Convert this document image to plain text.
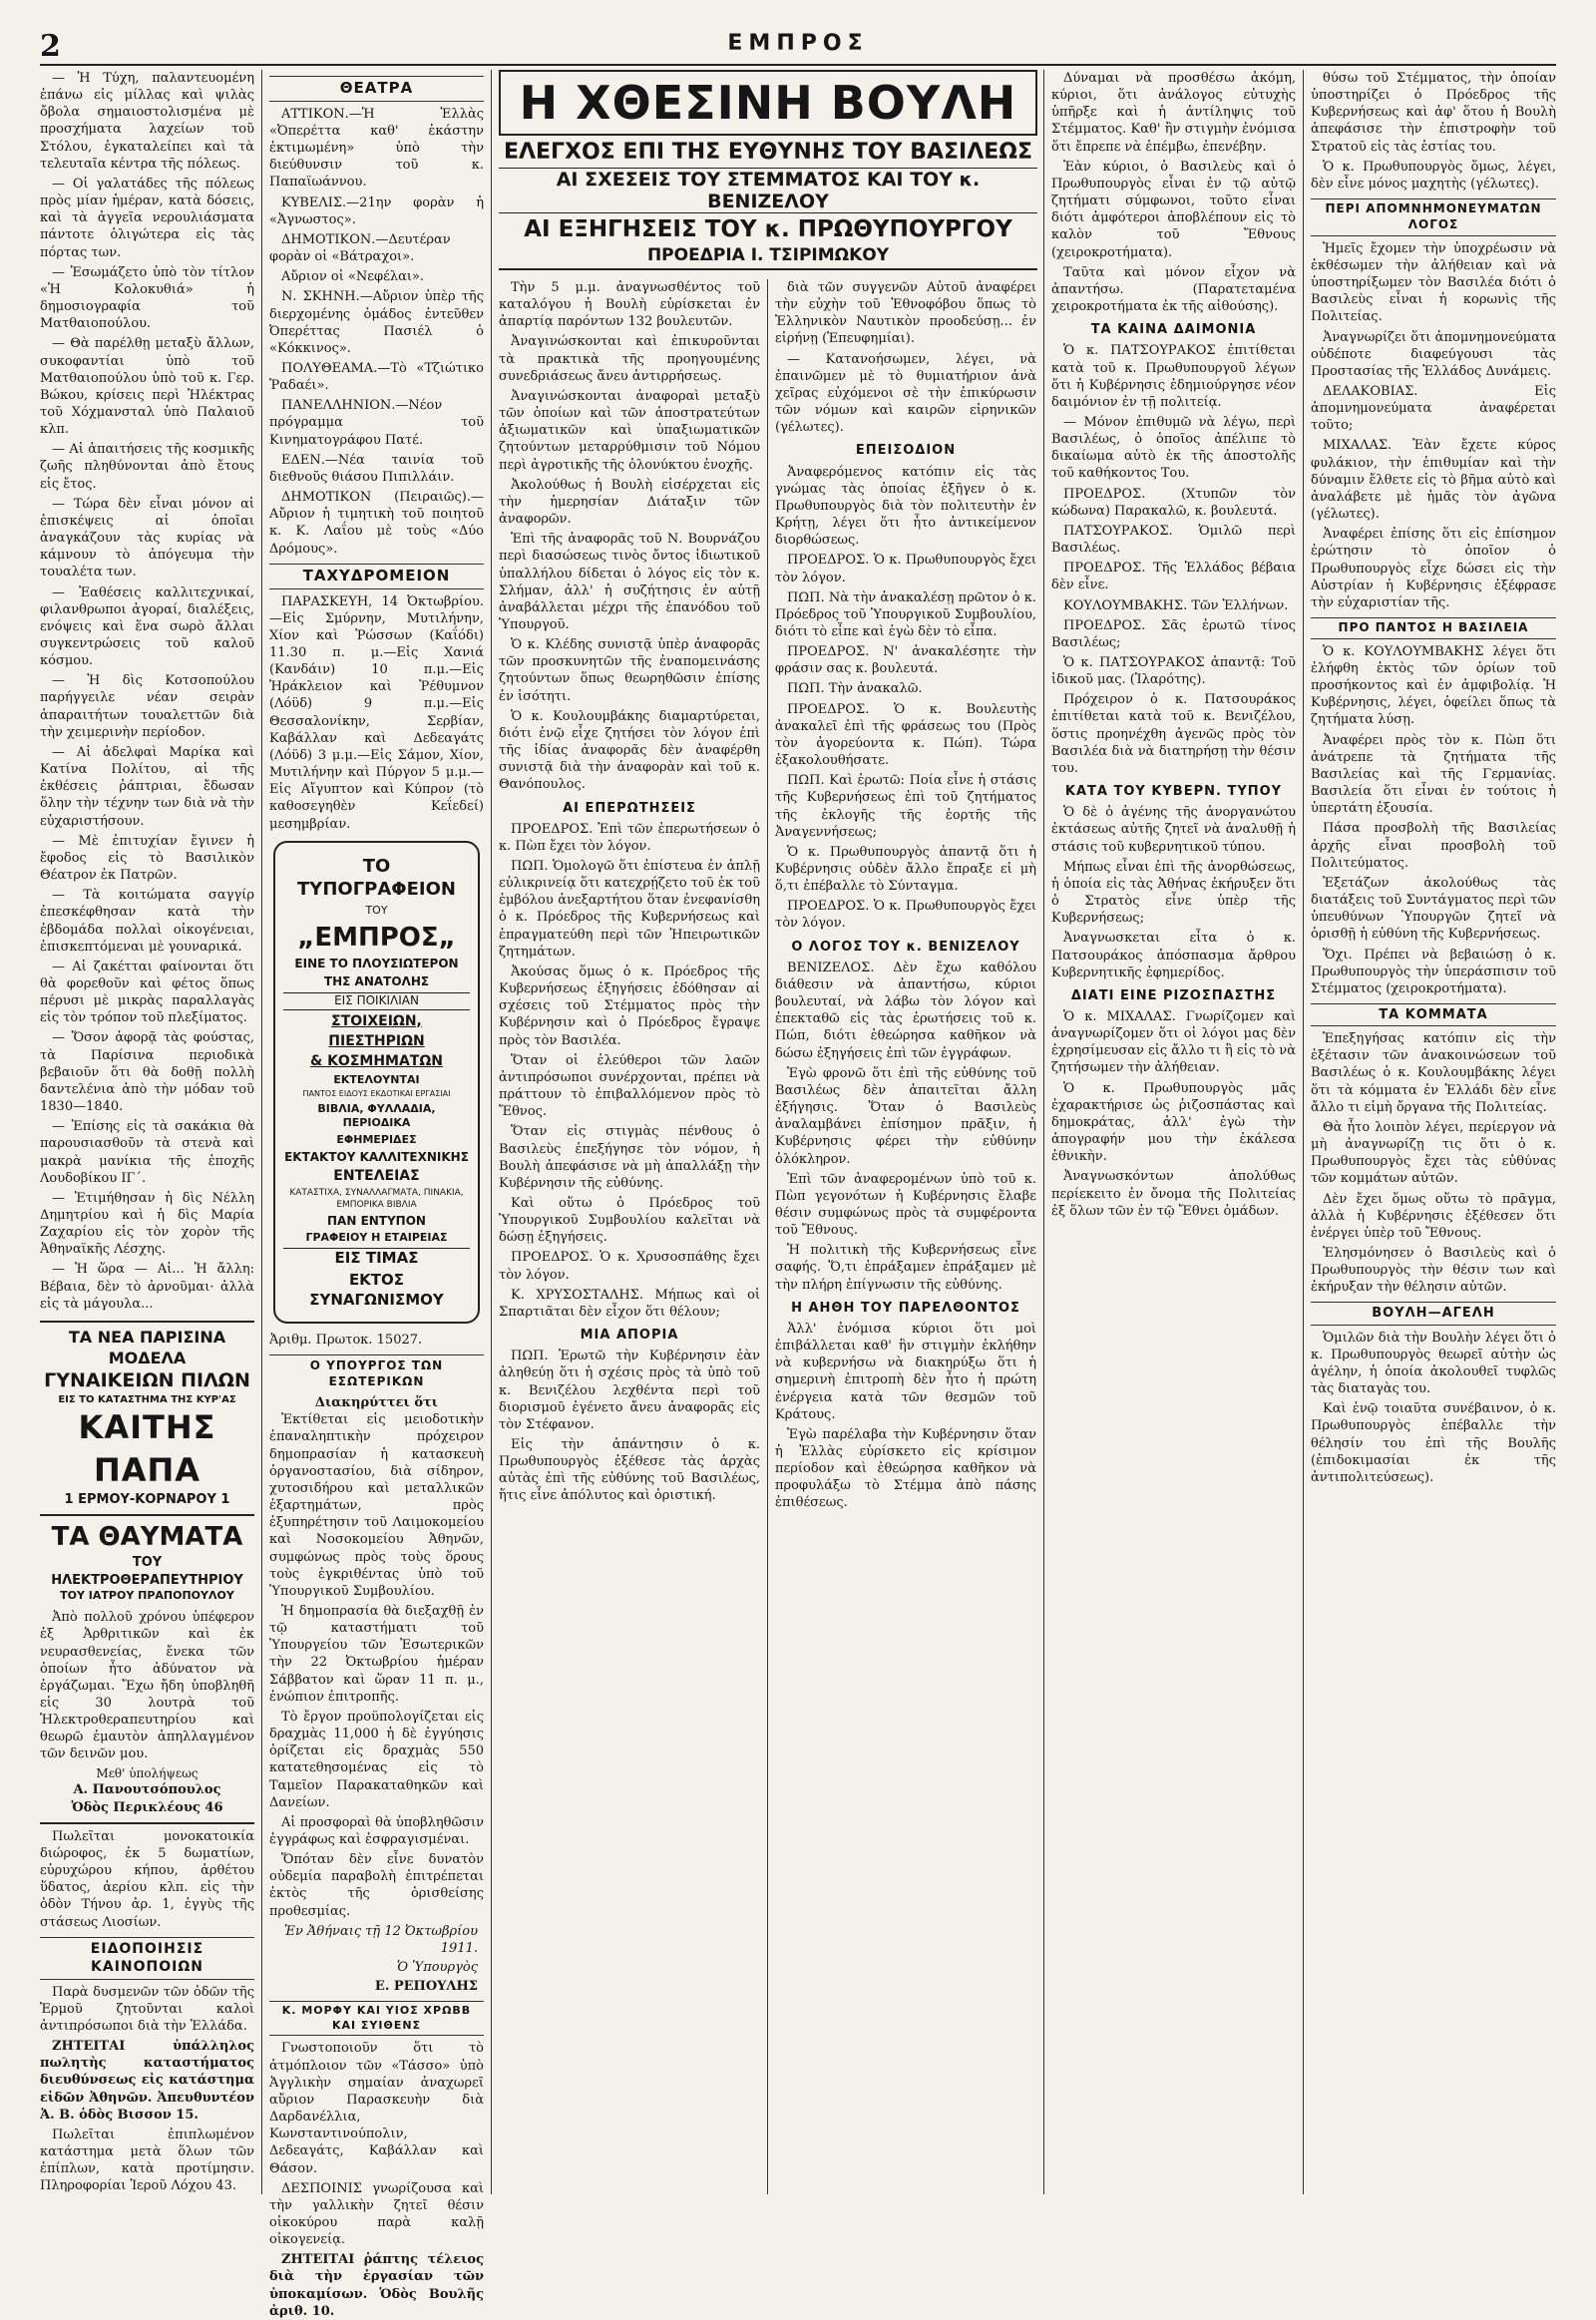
2	ΕΜΠΡΟΣ

— Ἡ Τύχη, παλαντευομένη ἐπάνω εἰς μίλλας καὶ ψιλὰς ὄβολα σημαιοστολισμένα μὲ προσχήματα λαχείων τοῦ Στόλου, ἐγκαταλείπει καὶ τὰ τελευταῖα κέντρα τῆς πόλεως.

— Οἱ γαλατάδες τῆς πόλεως πρὸς μίαν ἡμέραν, κατὰ δόσεις, καὶ τὰ ἀγγεῖα νερουλιάσματα πάντοτε ὁλιγώτερα εἰς τὰς πόρτας των.

— Ἐσωμάζετο ὑπὸ τὸν τίτλον «Ἡ Κολοκυθιά» ἡ δημοσιογραφία τοῦ Ματθαιοπούλου.

— Θὰ παρέλθῃ μεταξὺ ἄλλων, συκοφαντίαι ὑπὸ τοῦ Ματθαιοπούλου ὑπὸ τοῦ κ. Γερ. Βώκου, κρίσεις περὶ Ἠλέκτρας τοῦ Χόχμανσταλ ὑπὸ Παλαιοῦ κλπ.

— Αἱ ἀπαιτήσεις τῆς κοσμικῆς ζωῆς πληθύνονται ἀπὸ ἔτους εἰς ἔτος.

— Τώρα δὲν εἶναι μόνον αἱ ἐπισκέψεις αἱ ὁποῖαι ἀναγκάζουν τὰς κυρίας νὰ κάμνουν τὸ ἀπόγευμα τὴν τουαλέτα των.

— Ἐαθέσεις καλλιτεχνικαί, φιλανθρωποι ἀγοραί, διαλέξεις, ενόψεις καὶ ἕνα σωρὸ ἄλλαι συγκεντρώσεις τοῦ καλοῦ κόσμου.

— Ἡ δὶς Κοτσοπούλου παρήγγειλε νέαν σειρὰν ἀπαραιτήτων τουαλεττῶν διὰ τὴν χειμερινὴν περίοδον.

— Αἱ ἀδελφαὶ Μαρίκα καὶ Κατίνα Πολίτου, αἱ τῆς ἐκθέσεις ῥάπτριαι, ἔδωσαν ὅλην τὴν τέχνην των διὰ νὰ τὴν εὐχαριστήσουν.

— Μὲ ἐπιτυχίαν ἔγινεν ἡ ἔφοδος εἰς τὸ Βασιλικὸν Θέατρον ἐκ Πατρῶν.

— Τὰ κοιτώματα σαγγίρ ἐπεσκέφθησαν κατὰ τὴν ἐβδομάδα πολλαὶ οἰκογένειαι, ἐπισκεπτόμεναι μὲ γουναρικά.

— Αἱ ζακέτται φαίνονται ὅτι θὰ φορεθοῦν καὶ φέτος ὅπως πέρυσι μὲ μικρὰς παραλλαγὰς εἰς τὸν τρόπον τοῦ πλεξίματος.

— Ὅσον ἀφορᾷ τὰς φούστας, τὰ Παρίσινα περιοδικὰ βεβαιοῦν ὅτι θὰ δοθῇ πολλὴ δαντελένια ἀπὸ τὴν μόδαν τοῦ 1830—1840.

— Ἐπίσης εἰς τὰ σακάκια θὰ παρουσιασθοῦν τὰ στενὰ καὶ μακρὰ μανίκια τῆς ἐποχῆς Λουδοβίκου ΙΓ΄.

— Ἐτιμήθησαν ἡ δὶς Νέλλη Δημητρίου καὶ ἡ δὶς Μαρία Ζαχαρίου εἰς τὸν χορὸν τῆς Ἀθηναϊκῆς Λέσχης.

— Ἡ ὥρα — Αἰ... Ἡ ἄλλη: Βέβαια, δὲν τὸ ἀρνοῦμαι· ἀλλὰ εἰς τὰ μάγουλα...

ΤΑ ΝΕΑ ΠΑΡΙΣΙΝΑ ΜΟΔΕΛΑ
ΓΥΝΑΙΚΕΙΩΝ ΠΙΛΩΝ
ΕΙΣ ΤΟ ΚΑΤΑΣΤΗΜΑ ΤΗΣ ΚΥΡ'ΑΣ
ΚΑΙΤΗΣ ΠΑΠΑ
1 ΕΡΜΟΥ-ΚΟΡΝΑΡΟΥ 1
ΤΑ ΘΑΥΜΑΤΑ
ΤΟΥ ΗΛΕΚΤΡΟΘΕΡΑΠΕΥΤΗΡΙΟΥ
ΤΟΥ ΙΑΤΡΟΥ ΠΡΑΠΟΠΟΥΛΟΥ

Ἀπὸ πολλοῦ χρόνου ὑπέφερον ἐξ Ἀρθριτικῶν καὶ ἐκ νευρασθενείας, ἔνεκα τῶν ὁποίων ἦτο ἀδύνατον νὰ ἐργάζωμαι. Ἔχω ἤδη ὑποβληθῆ εἰς 30 λουτρὰ τοῦ Ἠλεκτροθεραπευτηρίου καὶ θεωρῶ ἐμαυτὸν ἀπηλλαγμένον τῶν δεινῶν μου.

Μεθ' ὑπολήψεως
Α. Πανουτσόπουλος
Ὁδὸς Περικλέους 46

Πωλεῖται μονοκατοικία διώροφος, ἐκ 5 δωματίων, εὐρυχώρου κήπου, ἀρθέτου ὕδατος, ἀερίου κλπ. εἰς τὴν ὁδὸν Τήνου ἀρ. 1, ἐγγὺς τῆς στάσεως Λιοσίων.

ΕΙΔΟΠΟΙΗΣΙΣ ΚΑΙΝΟΠΟΙΩΝ

Παρὰ δυσμενῶν τῶν ὁδῶν τῆς Ἑρμοῦ ζητοῦνται καλοὶ ἀντιπρόσωποι διὰ τὴν Ἑλλάδα.

ΖΗΤΕΙΤΑΙ ὑπάλληλος πωλητὴς καταστήματος διευθύνσεως εἰς κατάστημα εἰδῶν Ἀθηνῶν. Ἀπευθυντέον Ἀ. Β. ὁδὸς Βισσον 15.

Πωλεῖται ἐπιπλωμένον κατάστημα μετὰ ὅλων τῶν ἐπίπλων, κατὰ προτίμησιν. Πληροφορίαι Ἱεροῦ Λόχου 43.

ΘΕΑΤΡΑ

ΑΤΤΙΚΟΝ.—Ἡ Ἑλλὰς «Ὀπερέττα καθ' ἑκάστην ἐκτιμωμένη» ὑπὸ τὴν διεύθυνσιν τοῦ κ. Παπαϊωάννου.

ΚΥΒΕΛΙΣ.—21ην φορὰν ἡ «Ἀγνωστος».

ΔΗΜΟΤΙΚΟΝ.—Δευτέραν φορὰν οἱ «Βάτραχοι».

Αὔριον οἱ «Νεφέλαι».

Ν. ΣΚΗΝΗ.—Αὔριον ὑπὲρ τῆς διερχομένης ὁμάδος ἐντεῦθεν Ὀπερέττας Πασιέλ ὁ «Κόκκινος».

ΠΟΛΥΘΕΑΜΑ.—Τὸ «Τζιώτικο Ῥαδαέι».

ΠΑΝΕΛΛΗΝΙΟΝ.—Νέον πρόγραμμα τοῦ Κινηματογράφου Πατέ.

ΕΔΕΝ.—Νέα ταινία τοῦ διεθνοῦς θιάσου Πιπιλλάιν.

ΔΗΜΟΤΙΚΟΝ (Πειραιῶς).—Αὔριον ἡ τιμητικὴ τοῦ ποιητοῦ κ. Κ. Λαΐου μὲ τοὺς «Δύο Δρόμους».

ΤΑΧΥΔΡΟΜΕΙΟΝ

ΠΑΡΑΣΚΕΥΗ, 14 Ὀκτωβρίου.—Εἰς Σμύρνην, Μυτιλήνην, Χίον καὶ Ῥώσσων (Καΐόδι) 11.30 π. μ.—Εἰς Χανιά (Κανδάιν) 10 π.μ.—Εἰς Ἡράκλειον καὶ Ῥέθυμνον (Λόϋδ) 9 π.μ.—Εἰς Θεσσαλονίκην, Σερβίαν, Καβάλλαν καὶ Δεδεαγάτς (Λόϋδ) 3 μ.μ.—Εἰς Σάμον, Χίον, Μυτιλήνην καὶ Πύργον 5 μ.μ.—Εἰς Αἴγυπτον καὶ Κύπρον (τὸ καθοσεγηθὲν Κεΐεδεί) μεσημβρίαν.

ΤΟ ΤΥΠΟΓΡΑΦΕΙΟΝ
ΤΟΥ
„ΕΜΠΡΟΣ„
ΕΙΝΕ ΤΟ ΠΛΟΥΣΙΩΤΕΡΟΝ
ΤΗΣ ΑΝΑΤΟΛΗΣ
ΕΙΣ ΠΟΙΚΙΛΙΑΝ
ΣΤΟΙΧΕΙΩΝ,
ΠΙΕΣΤΗΡΙΩΝ
& ΚΟΣΜΗΜΑΤΩΝ
ΕΚΤΕΛΟΥΝΤΑΙ
ΠΑΝΤΟΣ ΕΙΔΟΥΣ ΕΚΔΟΤΙΚΑΙ ΕΡΓΑΣΙΑΙ
ΒΙΒΛΙΑ, ΦΥΛΛΑΔΙΑ, ΠΕΡΙΟΔΙΚΑ
ΕΦΗΜΕΡΙΔΕΣ
ΕΚΤΑΚΤΟΥ ΚΑΛΛΙΤΕΧΝΙΚΗΣ
ΕΝΤΕΛΕΙΑΣ
ΚΑΤΑΣΤΙΧΑ, ΣΥΝΑΛΛΑΓΜΑΤΑ, ΠΙΝΑΚΙΑ, ΕΜΠΟΡΙΚΑ ΒΙΒΛΙΑ
ΠΑΝ ΕΝΤΥΠΟΝ
ΓΡΑΦΕΙΟΥ Η ΕΤΑΙΡΕΙΑΣ
ΕΙΣ ΤΙΜΑΣ
ΕΚΤΟΣ ΣΥΝΑΓΩΝΙΣΜΟΥ

Ἀριθμ. Πρωτοκ. 15027.

Ο ΥΠΟΥΡΓΟΣ ΤΩΝ ΕΣΩΤΕΡΙΚΩΝ
Διακηρύττει ὅτι

Ἐκτίθεται εἰς μειοδοτικὴν ἐπαναληπτικὴν πρόχειρον δημοπρασίαν ἡ κατασκευὴ ὀργανοστασίου, διὰ σίδηρον, χυτοσιδήρου καὶ μεταλλικῶν ἐξαρτημάτων, πρὸς ἐξυπηρέτησιν τοῦ Λαιμοκομείου καὶ Νοσοκομείου Ἀθηνῶν, συμφώνως πρὸς τοὺς ὅρους τοὺς ἐγκριθέντας ὑπὸ τοῦ Ὑπουργικοῦ Συμβουλίου.

Ἡ δημοπρασία θὰ διεξαχθῇ ἐν τῷ καταστήματι τοῦ Ὑπουργείου τῶν Ἐσωτερικῶν τὴν 22 Ὀκτωβρίου ἡμέραν Σάββατον καὶ ὥραν 11 π. μ., ἐνώπιον ἐπιτροπῆς.

Τὸ ἔργον προϋπολογίζεται εἰς δραχμὰς 11,000 ἡ δὲ ἐγγύησις ὁρίζεται εἰς δραχμὰς 550 κατατεθησομένας εἰς τὸ Ταμεῖον Παρακαταθηκῶν καὶ Δανείων.

Αἱ προσφοραὶ θὰ ὑποβληθῶσιν ἐγγράφως καὶ ἐσφραγισμέναι.

Ὅπόταν δὲν εἶνε δυνατὸν οὐδεμία παραβολὴ ἐπιτρέπεται ἐκτὸς τῆς ὁρισθείσης προθεσμίας.

Ἐν Ἀθήναις τῇ 12 Ὀκτωβρίου 1911.
Ὁ Ὑπουργὸς
Ε. ΡΕΠΟΥΛΗΣ
Κ. ΜΟΡΦΥ ΚΑΙ ΥΙΟΣ ΧΡΩΒΒ ΚΑΙ ΣΥΙΘΕΝΣ

Γνωστοποιοῦν ὅτι τὸ ἀτμόπλοιον τῶν «Τάσσο» ὑπὸ Ἀγγλικὴν σημαίαν ἀναχωρεῖ αὔριον Παρασκευὴν διὰ Δαρδανέλλια, Κωνσταντινούπολιν, Δεδεαγάτς, Καβάλλαν καὶ Θάσον.

ΔΕΣΠΟΙΝΙΣ γνωρίζουσα καὶ τὴν γαλλικὴν ζητεῖ θέσιν οἰκοκύρου παρὰ καλῇ οἰκογενείᾳ.

ΖΗΤΕΙΤΑΙ ῥάπτης τέλειος διὰ τὴν ἐργασίαν τῶν ὑποκαμίσων. Ὁδὸς Βουλῆς ἀριθ. 10.

Η ΧΘΕΣΙΝΗ ΒΟΥΛΗ
ΕΛΕΓΧΟΣ ΕΠΙ ΤΗΣ ΕΥΘΥΝΗΣ ΤΟΥ ΒΑΣΙΛΕΩΣ
ΑΙ ΣΧΕΣΕΙΣ ΤΟΥ ΣΤΕΜΜΑΤΟΣ ΚΑΙ ΤΟΥ κ. ΒΕΝΙΖΕΛΟΥ
ΑΙ ΕΞΗΓΗΣΕΙΣ ΤΟΥ κ. ΠΡΩΘΥΠΟΥΡΓΟΥ
ΠΡΟΕΔΡΙΑ Ι. ΤΣΙΡΙΜΩΚΟΥ

Τὴν 5 μ.μ. ἀναγνωσθέντος τοῦ καταλόγου ἡ Βουλὴ εὑρίσκεται ἐν ἀπαρτίᾳ παρόντων 132 βουλευτῶν.

Ἀναγινώσκονται καὶ ἐπικυροῦνται τὰ πρακτικὰ τῆς προηγουμένης συνεδριάσεως ἄνευ ἀντιρρήσεως.

Ἀναγινώσκονται ἀναφοραὶ μεταξὺ τῶν ὁποίων καὶ τῶν ἀποστρατεύτων ἀξιωματικῶν καὶ ὑπαξιωματικῶν ζητούντων μεταρρύθμισιν τοῦ Νόμου περὶ ἀγροτικῆς τῆς ὁλονύκτου ἐνοχῆς.

Ἀκολούθως ἡ Βουλὴ εἰσέρχεται εἰς τὴν ἡμερησίαν Διάταξιν τῶν ἀναφορῶν.

Ἐπὶ τῆς ἀναφορᾶς τοῦ Ν. Βουρνάζου περὶ διασώσεως τινὸς ὄντος ἰδιωτικοῦ ὑπαλλήλου δίδεται ὁ λόγος εἰς τὸν κ. Σλήμαν, ἀλλ' ἡ συζήτησις ἐν αὐτῇ ἀναβάλλεται μέχρι τῆς ἐπανόδου τοῦ Ὑπουργοῦ.

Ὁ κ. Κλέδης συνιστᾷ ὑπὲρ ἀναφορᾶς τῶν προσκυνητῶν τῆς ἐναπομεινάσης ζητούντων ὅπως θεωρηθῶσιν ἐπίσης ἐν ἰσότητι.

Ὁ κ. Κουλουμβάκης διαμαρτύρεται, διότι ἐνῷ εἶχε ζητήσει τὸν λόγον ἐπὶ τῆς ἰδίας ἀναφορᾶς δὲν ἀναφέρθη συνιστᾷ διὰ τὴν ἀναφορὰν καὶ τοῦ κ. Θανόπουλος.

ΑΙ ΕΠΕΡΩΤΗΣΕΙΣ

ΠΡΟΕΔΡΟΣ. Ἐπὶ τῶν ἐπερωτήσεων ὁ κ. Πὼπ ἔχει τὸν λόγον.

ΠΩΠ. Ὁμολογῶ ὅτι ἐπίστευα ἐν ἀπλῇ εὐλικρινείᾳ ὅτι κατεχρῄζετο τοῦ ἐκ τοῦ ἐμβόλου ἀνεξαρτήτου ὅταν ἐνεφανίσθη ὁ κ. Πρόεδρος τῆς Κυβερνήσεως καὶ ἐπραγματεύθη περὶ τῶν Ἠπειρωτικῶν ζητημάτων.

Ἀκούσας ὅμως ὁ κ. Πρόεδρος τῆς Κυβερνήσεως ἐξηγήσεις ἐδόθησαν αἱ σχέσεις τοῦ Στέμματος πρὸς τὴν Κυβέρνησιν καὶ ὁ Πρόεδρος ἔγραψε πρὸς τὸν Βασιλέα.

Ὅταν οἱ ἐλεύθεροι τῶν λαῶν ἀντιπρόσωποι συνέρχονται, πρέπει νὰ πράττουν τὸ ἐπιβαλλόμενον πρὸς τὸ Ἔθνος.

Ὅταν εἰς στιγμὰς πένθους ὁ Βασιλεὺς ἐπεξήγησε τὸν νόμον, ἡ Βουλὴ ἀπεφάσισε νὰ μὴ ἀπαλλάξῃ τὴν Κυβέρνησιν τῆς εὐθύνης.

Καὶ οὕτω ὁ Πρόεδρος τοῦ Ὑπουργικοῦ Συμβουλίου καλεῖται νὰ δώσῃ ἐξηγήσεις.

ΠΡΟΕΔΡΟΣ. Ὁ κ. Χρυσοσπάθης ἔχει τὸν λόγον.

Κ. ΧΡΥΣΟΣΤΑΛΗΣ. Μήπως καὶ οἱ Σπαρτιᾶται δὲν εἶχον ὅτι θέλουν;

ΜΙΑ ΑΠΟΡΙΑ

ΠΩΠ. Ἐρωτῶ τὴν Κυβέρνησιν ἐὰν ἀληθεύῃ ὅτι ἡ σχέσις πρὸς τὰ ὑπὸ τοῦ κ. Βενιζέλου λεχθέντα περὶ τοῦ διορισμοῦ ἐγένετο ἄνευ ἀναφορᾶς εἰς τὸν Στέφανον.

Εἰς τὴν ἀπάντησιν ὁ κ. Πρωθυπουργὸς ἐξέθεσε τὰς ἀρχὰς αὐτὰς ἐπὶ τῆς εὐθύνης τοῦ Βασιλέως, ἥτις εἶνε ἀπόλυτος καὶ ὁριστική.

διὰ τῶν συγγενῶν Αὐτοῦ ἀναφέρει τὴν εὐχὴν τοῦ Ἐθνοφόβου ὅπως τὸ Ἑλληνικὸν Ναυτικὸν προοδεύσῃ... ἐν εἰρήνῃ (Ἐπευφημίαι).

— Κατανοήσωμεν, λέγει, νὰ ἐπαινῶμεν μὲ τὸ θυμιατήριον ἀνὰ χεῖρας εὐχόμενοι σὲ τὴν ἐπικύρωσιν τῶν νόμων καὶ καιρῶν εἰρηνικῶν (γέλωτες).

ΕΠΕΙΣΟΔΙΟΝ

Ἀναφερόμενος κατόπιν εἰς τὰς γνώμας τὰς ὁποίας ἐξῆγεν ὁ κ. Πρωθυπουργὸς διὰ τὸν πολιτευτὴν ἐν Κρήτῃ, λέγει ὅτι ἦτο ἀντικείμενον διορθώσεως.

ΠΡΟΕΔΡΟΣ. Ὁ κ. Πρωθυπουργὸς ἔχει τὸν λόγον.

ΠΩΠ. Νὰ τὴν ἀνακαλέσῃ πρῶτον ὁ κ. Πρόεδρος τοῦ Ὑπουργικοῦ Συμβουλίου, διότι τὸ εἶπε καὶ ἐγὼ δὲν τὸ εἶπα.

ΠΡΟΕΔΡΟΣ. Ν' ἀνακαλέσητε τὴν φράσιν σας κ. βουλευτά.

ΠΩΠ. Τὴν ἀνακαλῶ.

ΠΡΟΕΔΡΟΣ. Ὁ κ. Βουλευτὴς ἀνακαλεῖ ἐπὶ τῆς φράσεως του (Πρὸς τὸν ἀγορεύοντα κ. Πώπ). Τώρα ἐξακολουθήσατε.

ΠΩΠ. Καὶ ἐρωτῶ: Ποία εἶνε ἡ στάσις τῆς Κυβερνήσεως ἐπὶ τοῦ ζητήματος τῆς ἐκλογῆς τῆς ἑορτῆς τῆς Ἀναγεννήσεως;

Ὁ κ. Πρωθυπουργὸς ἀπαντᾷ ὅτι ἡ Κυβέρνησις οὐδὲν ἄλλο ἔπραξε εἰ μὴ ὅ,τι ἐπέβαλλε τὸ Σύνταγμα.

ΠΡΟΕΔΡΟΣ. Ὁ κ. Πρωθυπουργὸς ἔχει τὸν λόγον.

Ο ΛΟΓΟΣ ΤΟΥ κ. ΒΕΝΙΖΕΛΟΥ

ΒΕΝΙΖΕΛΟΣ. Δὲν ἔχω καθόλου διάθεσιν νὰ ἀπαντήσω, κύριοι βουλευταί, νὰ λάβω τὸν λόγον καὶ ἐπεκταθῶ εἰς τὰς ἐρωτήσεις τοῦ κ. Πώπ, διότι ἐθεώρησα καθῆκον νὰ δώσω ἐξηγήσεις ἐπὶ τῶν ἐγγράφων.

Ἐγὼ φρονῶ ὅτι ἐπὶ τῆς εὐθύνης τοῦ Βασιλέως δὲν ἀπαιτεῖται ἄλλη ἐξήγησις. Ὅταν ὁ Βασιλεὺς ἀναλαμβάνει ἐπίσημον πρᾶξιν, ἡ Κυβέρνησις φέρει τὴν εὐθύνην ὁλόκληρον.

Ἐπὶ τῶν ἀναφερομένων ὑπὸ τοῦ κ. Πὼπ γεγονότων ἡ Κυβέρνησις ἔλαβε θέσιν συμφώνως πρὸς τὰ συμφέροντα τοῦ Ἔθνους.

Ἡ πολιτικὴ τῆς Κυβερνήσεως εἶνε σαφής. Ὅ,τι ἐπράξαμεν ἐπράξαμεν μὲ τὴν πλήρη ἐπίγνωσιν τῆς εὐθύνης.

Η ΑΗΘΗ ΤΟΥ ΠΑΡΕΛΘΟΝΤΟΣ

Ἀλλ' ἐνόμισα κύριοι ὅτι μοὶ ἐπιβάλλεται καθ' ἣν στιγμὴν ἐκλήθην νὰ κυβερνήσω νὰ διακηρύξω ὅτι ἡ σημερινὴ ἐπιτροπὴ δὲν ἦτο ἡ πρώτη ἐνέργεια κατὰ τῶν θεσμῶν τοῦ Κράτους.

Ἐγὼ παρέλαβα τὴν Κυβέρνησιν ὅταν ἡ Ἑλλὰς εὑρίσκετο εἰς κρίσιμον περίοδον καὶ ἐθεώρησα καθῆκον νὰ προφυλάξω τὸ Στέμμα ἀπὸ πάσης ἐπιθέσεως.

Δύναμαι νὰ προσθέσω ἀκόμη, κύριοι, ὅτι ἀνάλογος εὐτυχὴς ὑπῆρξε καὶ ἡ ἀντίληψις τοῦ Στέμματος. Καθ' ἣν στιγμὴν ἐνόμισα ὅτι ἔπρεπε νὰ ἐπέμβω, ἐπενέβην.

Ἐὰν κύριοι, ὁ Βασιλεὺς καὶ ὁ Πρωθυπουργὸς εἶναι ἐν τῷ αὐτῷ ζητήματι σύμφωνοι, τοῦτο εἶναι διότι ἀμφότεροι ἀποβλέπουν εἰς τὸ καλὸν τοῦ Ἔθνους (χειροκροτήματα).

Ταῦτα καὶ μόνον εἶχον νὰ ἀπαντήσω. (Παρατεταμένα χειροκροτήματα ἐκ τῆς αἰθούσης).

ΤΑ ΚΑΙΝΑ ΔΑΙΜΟΝΙΑ

Ὁ κ. ΠΑΤΣΟΥΡΑΚΟΣ ἐπιτίθεται κατὰ τοῦ κ. Πρωθυπουργοῦ λέγων ὅτι ἡ Κυβέρνησις ἐδημιούργησε νέον δαιμόνιον ἐν τῇ πολιτείᾳ.

— Μόνον ἐπιθυμῶ νὰ λέγω, περὶ Βασιλέως, ὁ ὁποῖος ἀπέλιπε τὸ δικαίωμα αὐτὸ ἐκ τῆς ἀποστολῆς τοῦ καθήκοντος Του.

ΠΡΟΕΔΡΟΣ. (Χτυπῶν τὸν κώδωνα) Παρακαλῶ, κ. βουλευτά.

ΠΑΤΣΟΥΡΑΚΟΣ. Ὁμιλῶ περὶ Βασιλέως.

ΠΡΟΕΔΡΟΣ. Τῆς Ἑλλάδος βέβαια δὲν εἶνε.

ΚΟΥΛΟΥΜΒΑΚΗΣ. Τῶν Ἑλλήνων.

ΠΡΟΕΔΡΟΣ. Σᾶς ἐρωτῶ τίνος Βασιλέως;

Ὁ κ. ΠΑΤΣΟΥΡΑΚΟΣ ἀπαντᾷ: Τοῦ ἰδικοῦ μας. (Ἰλαρότης).

Πρόχειρον ὁ κ. Πατσουράκος ἐπιτίθεται κατὰ τοῦ κ. Βενιζέλου, ὅστις προηνέχθη ἀγενῶς πρὸς τὸν Βασιλέα διὰ νὰ διατηρήσῃ τὴν θέσιν του.

ΚΑΤΑ ΤΟΥ ΚΥΒΕΡΝ. ΤΥΠΟΥ

Ὁ δὲ ὁ ἀγένης τῆς ἀνοργανώτου ἐκτάσεως αὐτῆς ζητεῖ νὰ ἀναλυθῇ ἡ στάσις τοῦ κυβερνητικοῦ τύπου.

Μήπως εἶναι ἐπὶ τῆς ἀνορθώσεως, ἡ ὁποία εἰς τὰς Ἀθήνας ἐκήρυξεν ὅτι ὁ Στρατὸς εἶνε ὑπὲρ τῆς Κυβερνήσεως;

Ἀναγνωσκεται εἶτα ὁ κ. Πατσουράκος ἀπόσπασμα ἄρθρου Κυβερνητικῆς ἐφημερίδος.

ΔΙΑΤΙ ΕΙΝΕ ΡΙΖΟΣΠΑΣΤΗΣ

Ὁ κ. ΜΙΧΑΛΑΣ. Γνωρίζομεν καὶ ἀναγνωρίζομεν ὅτι οἱ λόγοι μας δὲν ἐχρησίμευσαν εἰς ἄλλο τι ἢ εἰς τὸ νὰ ζητήσωμεν τὴν ἀλήθειαν.

Ὁ κ. Πρωθυπουργὸς μᾶς ἐχαρακτήρισε ὡς ῥιζοσπάστας καὶ δημοκράτας, ἀλλ' ἐγὼ τὴν ἀπογραφήν μου τὴν ἐκάλεσα ἐθνικὴν.

Ἀναγνωσκόντων ἀπολύθως περίεκειτο ἐν ὄνομα τῆς Πολιτείας ἐξ ὅλων τῶν ἐν τῷ Ἔθνει ὁμάδων.

θύσω τοῦ Στέμματος, τὴν ὁποίαν ὑποστηρίζει ὁ Πρόεδρος τῆς Κυβερνήσεως καὶ ἀφ' ὅτου ἡ Βουλὴ ἀπεφάσισε τὴν ἐπιστροφὴν τοῦ Στρατοῦ εἰς τὰς ἐστίας του.

Ὁ κ. Πρωθυπουργὸς ὅμως, λέγει, δὲν εἶνε μόνος μαχητὴς (γέλωτες).

ΠΕΡΙ ΑΠΟΜΝΗΜΟΝΕΥΜΑΤΩΝ ΛΟΓΟΣ

Ἡμεῖς ἔχομεν τὴν ὑποχρέωσιν νὰ ἐκθέσωμεν τὴν ἀλήθειαν καὶ νὰ ὑποστηρίξωμεν τὸν Βασιλέα διότι ὁ Βασιλεὺς εἶναι ἡ κορωνὶς τῆς Πολιτείας.

Ἀναγνωρίζει ὅτι ἀπομνημονεύματα οὐδέποτε διαφεύγουσι τὰς Προστασίας τῆς Ἑλλάδος Δυνάμεις.

ΔΕΛΑΚΟΒΙΑΣ. Εἰς ἀπομνημονεύματα ἀναφέρεται τοῦτο;

ΜΙΧΑΛΑΣ. Ἐὰν ἔχετε κύρος φυλάκιον, τὴν ἐπιθυμίαν καὶ τὴν δύναμιν ἔλθετε εἰς τὸ βῆμα αὐτὸ καὶ ἀναλάβετε μὲ ἡμᾶς τὸν ἀγῶνα (γέλωτες).

Ἀναφέρει ἐπίσης ὅτι εἰς ἐπίσημον ἐρώτησιν τὸ ὁποῖον ὁ Πρωθυπουργὸς εἶχε δώσει εἰς τὴν Αὐστρίαν ἡ Κυβέρνησις ἐξέφρασε τὴν εὐχαριστίαν τῆς.

ΠΡΟ ΠΑΝΤΟΣ Η ΒΑΣΙΛΕΙΑ

Ὁ κ. ΚΟΥΛΟΥΜΒΑΚΗΣ λέγει ὅτι ἐλήφθη ἐκτὸς τῶν ὁρίων τοῦ προσήκοντος καὶ ἐν ἀμφιβολίᾳ. Ἡ Κυβέρνησις, λέγει, ὀφείλει ὅπως τὰ ζητήματα λύσῃ.

Ἀναφέρει πρὸς τὸν κ. Πὼπ ὅτι ἀνάτρεπε τὰ ζητήματα τῆς Βασιλείας καὶ τῆς Γερμανίας. Βασιλεία ὅτι εἶναι ἐν τούτοις ἡ ὑπερτάτη ἐξουσία.

Πάσα προσβολὴ τῆς Βασιλείας ἀρχῆς εἶναι προσβολὴ τοῦ Πολιτεύματος.

Ἐξετάζων ἀκολούθως τὰς διατάξεις τοῦ Συντάγματος περὶ τῶν ὑπευθύνων Ὑπουργῶν ζητεῖ νὰ ὁρισθῇ ἡ εὐθύνη τῆς Κυβερνήσεως.

Ὅχι. Πρέπει νὰ βεβαιώσῃ ὁ κ. Πρωθυπουργὸς τὴν ὑπεράσπισιν τοῦ Στέμματος (χειροκροτήματα).

ΤΑ ΚΟΜΜΑΤΑ

Ἐπεξηγήσας κατόπιν εἰς τὴν ἐξέτασιν τῶν ἀνακοινώσεων τοῦ Βασιλέως ὁ κ. Κουλουμβάκης λέγει ὅτι τὰ κόμματα ἐν Ἑλλάδι δὲν εἶνε ἄλλο τι εἰμὴ ὄργανα τῆς Πολιτείας.

Θὰ ἦτο λοιπὸν λέγει, περίεργον νὰ μὴ ἀναγνωρίζῃ τις ὅτι ὁ κ. Πρωθυπουργὸς ἔχει τὰς εὐθύνας τῶν κομμάτων αὐτῶν.

Δὲν ἔχει ὅμως οὕτω τὸ πρᾶγμα, ἀλλὰ ἡ Κυβέρνησις ἐξέθεσεν ὅτι ἐνέργει ὑπὲρ τοῦ Ἔθνους.

Ἐλησμόνησεν ὁ Βασιλεὺς καὶ ὁ Πρωθυπουργὸς τὴν θέσιν των καὶ ἐκήρυξαν τὴν θέλησιν αὐτῶν.

ΒΟΥΛΗ—ΑΓΕΛΗ

Ὁμιλῶν διὰ τὴν Βουλὴν λέγει ὅτι ὁ κ. Πρωθυπουργὸς θεωρεῖ αὐτὴν ὡς ἀγέλην, ἡ ὁποία ἀκολουθεῖ τυφλῶς τὰς διαταγὰς του.

Καὶ ἐνῷ τοιαῦτα συνέβαινον, ὁ κ. Πρωθυπουργὸς ἐπέβαλλε τὴν θέλησίν του ἐπὶ τῆς Βουλῆς (ἐπιδοκιμασίαι ἐκ τῆς ἀντιπολιτεύσεως).
